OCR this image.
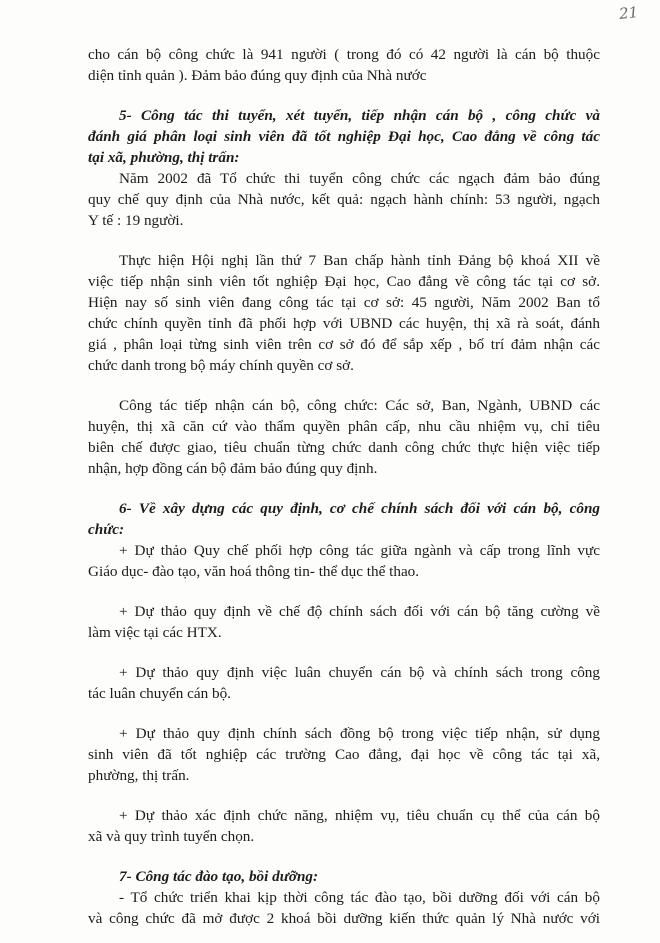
21
cho cán bộ công chức là 941 người ( trong đó có 42 người là cán bộ thuộc
diện tỉnh quản ). Đảm bảo đúng quy định của Nhà nước
5- Công tác thi tuyển, xét tuyển, tiếp nhận cán bộ , công chức và
đánh giá phân loại sinh viên đã tốt nghiệp Đại học, Cao đẳng về công tác
tại xã, phường, thị trấn:
Năm 2002 đã Tổ chức thi tuyển công chức các ngạch đảm bảo đúng
quy chế quy định của Nhà nước, kết quả: ngạch hành chính: 53 người, ngạch
Y tế : 19 người.
Thực hiện Hội nghị lần thứ 7 Ban chấp hành tỉnh Đảng bộ khoá XII về
việc tiếp nhận sinh viên tốt nghiệp Đại học, Cao đẳng về công tác tại cơ sở.
Hiện nay số sinh viên đang công tác tại cơ sở: 45 người, Năm 2002 Ban tổ
chức chính quyền tỉnh đã phối hợp với UBND các huyện, thị xã rà soát, đánh
giá , phân loại từng sinh viên trên cơ sở đó để sắp xếp , bố trí đảm nhận các
chức danh trong bộ máy chính quyền cơ sở.
Công tác tiếp nhận cán bộ, công chức: Các sở, Ban, Ngành, UBND các
huyện, thị xã căn cứ vào thẩm quyền phân cấp, nhu cầu nhiệm vụ, chỉ tiêu
biên chế được giao, tiêu chuẩn từng chức danh công chức thực hiện việc tiếp
nhận, hợp đồng cán bộ đảm bảo đúng quy định.
6- Về xây dựng các quy định, cơ chế chính sách đối với cán bộ, công
chức:
+ Dự thảo Quy chế phối hợp công tác giữa ngành và cấp trong lĩnh vực
Giáo dục- đào tạo, văn hoá thông tin- thể dục thể thao.
+ Dự thảo quy định về chế độ chính sách đối với cán bộ tăng cường về
làm việc tại các HTX.
+ Dự thảo quy định việc luân chuyển cán bộ và chính sách trong công
tác luân chuyển cán bộ.
+ Dự thảo quy định chính sách đồng bộ trong việc tiếp nhận, sử dụng
sinh viên đã tốt nghiệp các trường Cao đẳng, đại học về công tác tại xã,
phường, thị trấn.
+ Dự thảo xác định chức năng, nhiệm vụ, tiêu chuẩn cụ thể của cán bộ
xã và quy trình tuyển chọn.
7- Công tác đào tạo, bồi dưỡng:
- Tổ chức triển khai kịp thời công tác đào tạo, bồi dưỡng đối với cán bộ
và công chức đã mở được 2 khoá bồi dưỡng kiến thức quản lý Nhà nước với
